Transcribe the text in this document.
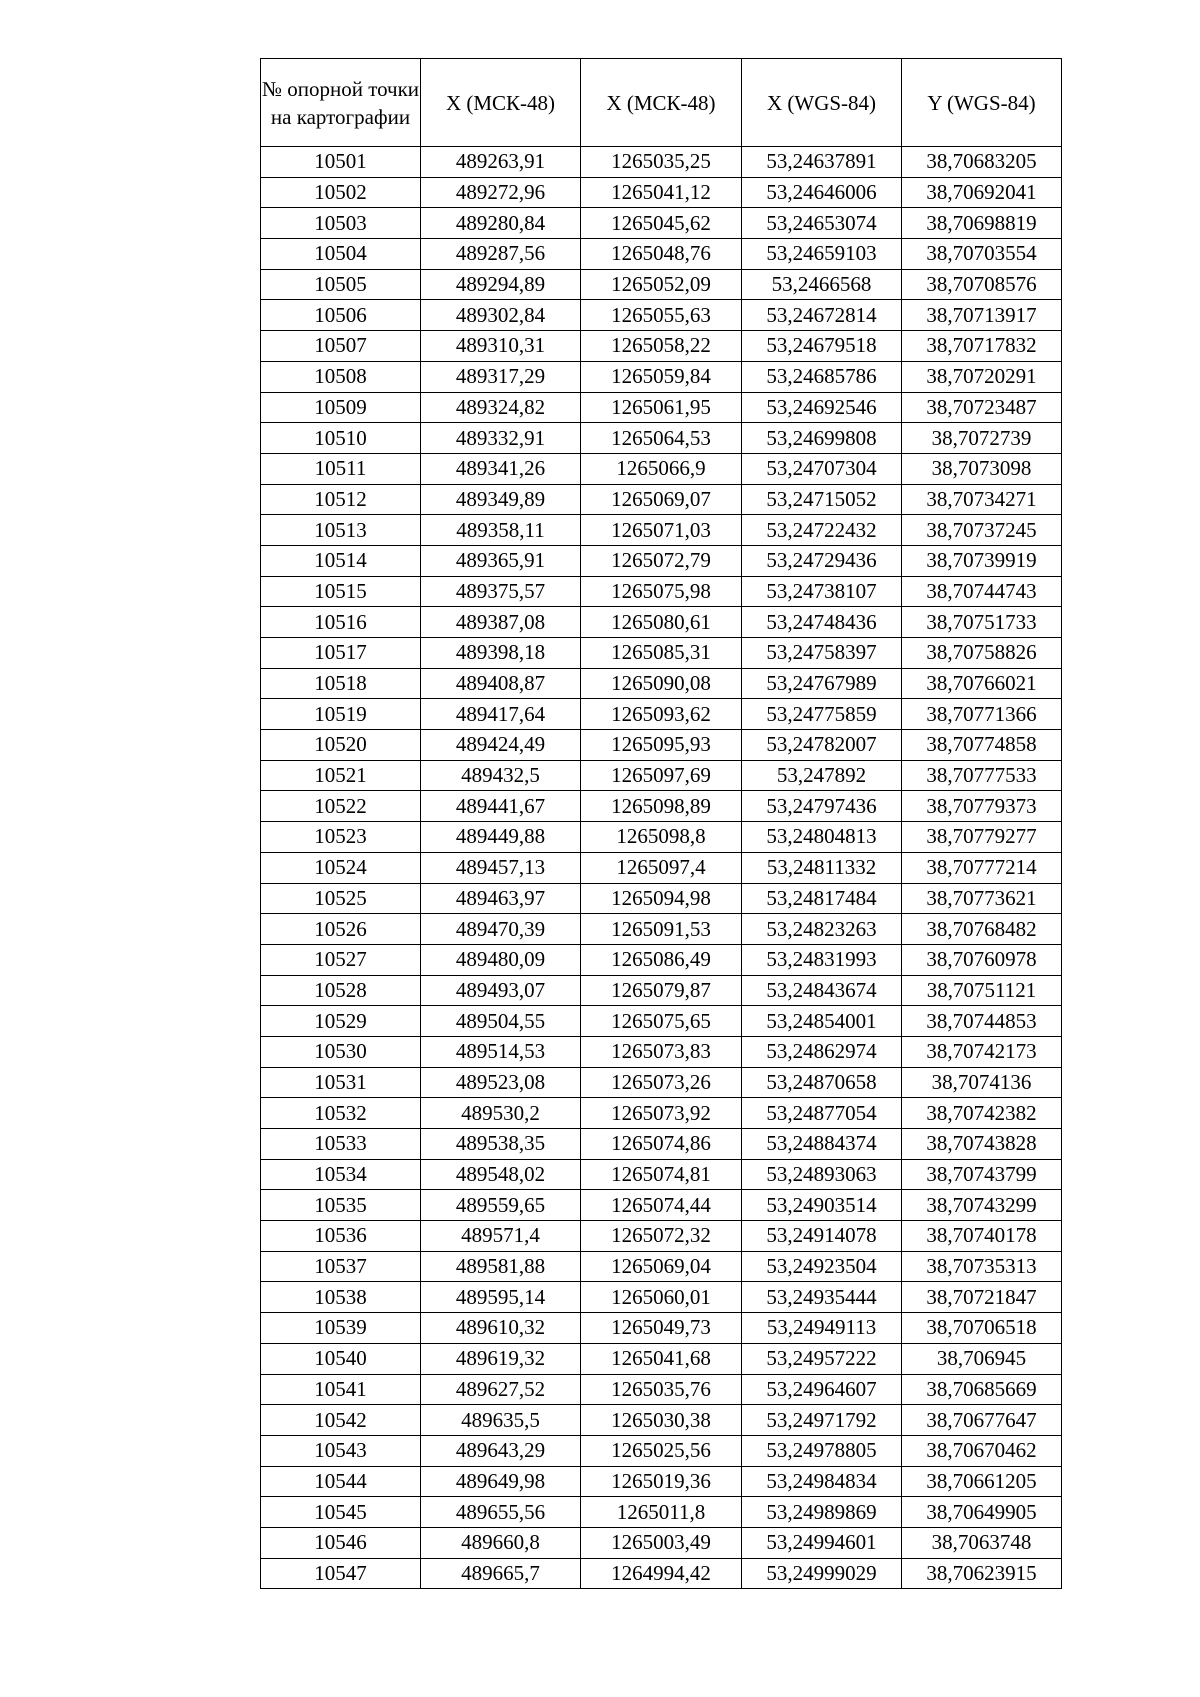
№ опорной точки на картографии	X (МСК-48)	X (МСК-48)	X (WGS-84)	Y (WGS-84)
10501	489263,91	1265035,25	53,24637891	38,70683205
10502	489272,96	1265041,12	53,24646006	38,70692041
10503	489280,84	1265045,62	53,24653074	38,70698819
10504	489287,56	1265048,76	53,24659103	38,70703554
10505	489294,89	1265052,09	53,2466568	38,70708576
10506	489302,84	1265055,63	53,24672814	38,70713917
10507	489310,31	1265058,22	53,24679518	38,70717832
10508	489317,29	1265059,84	53,24685786	38,70720291
10509	489324,82	1265061,95	53,24692546	38,70723487
10510	489332,91	1265064,53	53,24699808	38,7072739
10511	489341,26	1265066,9	53,24707304	38,7073098
10512	489349,89	1265069,07	53,24715052	38,70734271
10513	489358,11	1265071,03	53,24722432	38,70737245
10514	489365,91	1265072,79	53,24729436	38,70739919
10515	489375,57	1265075,98	53,24738107	38,70744743
10516	489387,08	1265080,61	53,24748436	38,70751733
10517	489398,18	1265085,31	53,24758397	38,70758826
10518	489408,87	1265090,08	53,24767989	38,70766021
10519	489417,64	1265093,62	53,24775859	38,70771366
10520	489424,49	1265095,93	53,24782007	38,70774858
10521	489432,5	1265097,69	53,247892	38,70777533
10522	489441,67	1265098,89	53,24797436	38,70779373
10523	489449,88	1265098,8	53,24804813	38,70779277
10524	489457,13	1265097,4	53,24811332	38,70777214
10525	489463,97	1265094,98	53,24817484	38,70773621
10526	489470,39	1265091,53	53,24823263	38,70768482
10527	489480,09	1265086,49	53,24831993	38,70760978
10528	489493,07	1265079,87	53,24843674	38,70751121
10529	489504,55	1265075,65	53,24854001	38,70744853
10530	489514,53	1265073,83	53,24862974	38,70742173
10531	489523,08	1265073,26	53,24870658	38,7074136
10532	489530,2	1265073,92	53,24877054	38,70742382
10533	489538,35	1265074,86	53,24884374	38,70743828
10534	489548,02	1265074,81	53,24893063	38,70743799
10535	489559,65	1265074,44	53,24903514	38,70743299
10536	489571,4	1265072,32	53,24914078	38,70740178
10537	489581,88	1265069,04	53,24923504	38,70735313
10538	489595,14	1265060,01	53,24935444	38,70721847
10539	489610,32	1265049,73	53,24949113	38,70706518
10540	489619,32	1265041,68	53,24957222	38,706945
10541	489627,52	1265035,76	53,24964607	38,70685669
10542	489635,5	1265030,38	53,24971792	38,70677647
10543	489643,29	1265025,56	53,24978805	38,70670462
10544	489649,98	1265019,36	53,24984834	38,70661205
10545	489655,56	1265011,8	53,24989869	38,70649905
10546	489660,8	1265003,49	53,24994601	38,7063748
10547	489665,7	1264994,42	53,24999029	38,70623915
